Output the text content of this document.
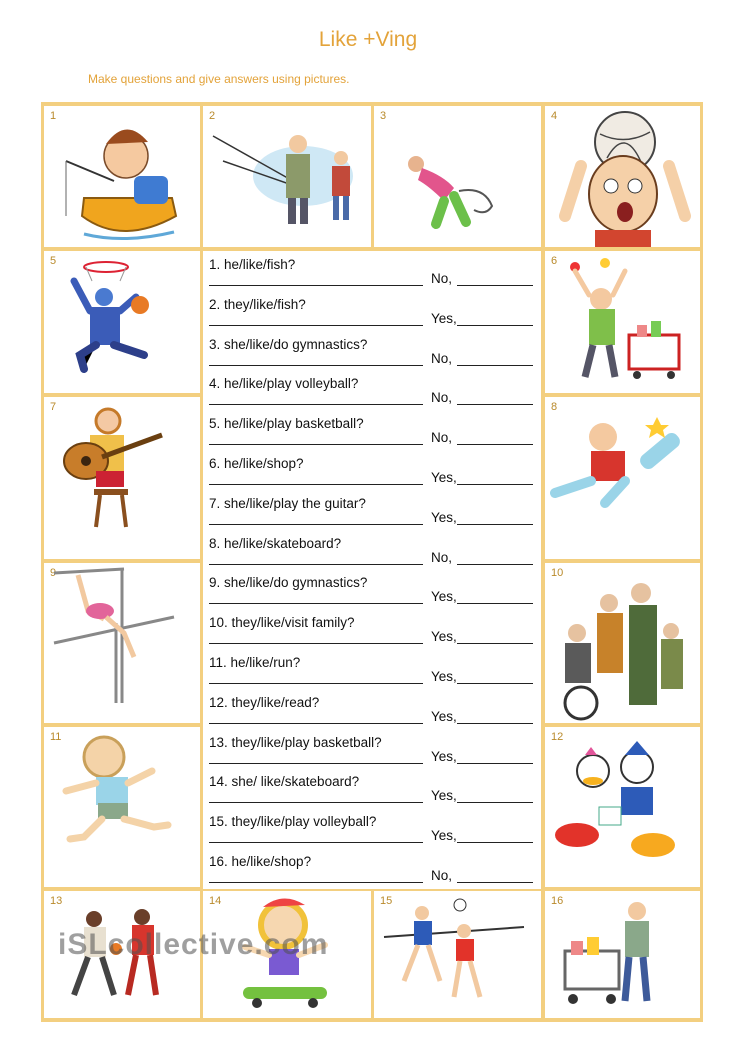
Like +Ving
Make questions and give answers using pictures.
1	2	3	4
5
7
9
11
1. he/like/fish?
No,
2. they/like/fish?
Yes,
3. she/like/do gymnastics?
No,
4. he/like/play volleyball?
No,
5. he/like/play basketball?
No,
6. he/like/shop?
Yes,
7. she/like/play the guitar?
Yes,
8. he/like/skateboard?
No,
9. she/like/do gymnastics?
Yes,
10. they/like/visit family?
Yes,
11. he/like/run?
Yes,
12. they/like/read?
Yes,
13. they/like/play basketball?
Yes,
14. she/ like/skateboard?
Yes,
15. they/like/play volleyball?
Yes,
16. he/like/shop?
No,
6
8
10
12
13	14	15	16
iSLcollective.com
